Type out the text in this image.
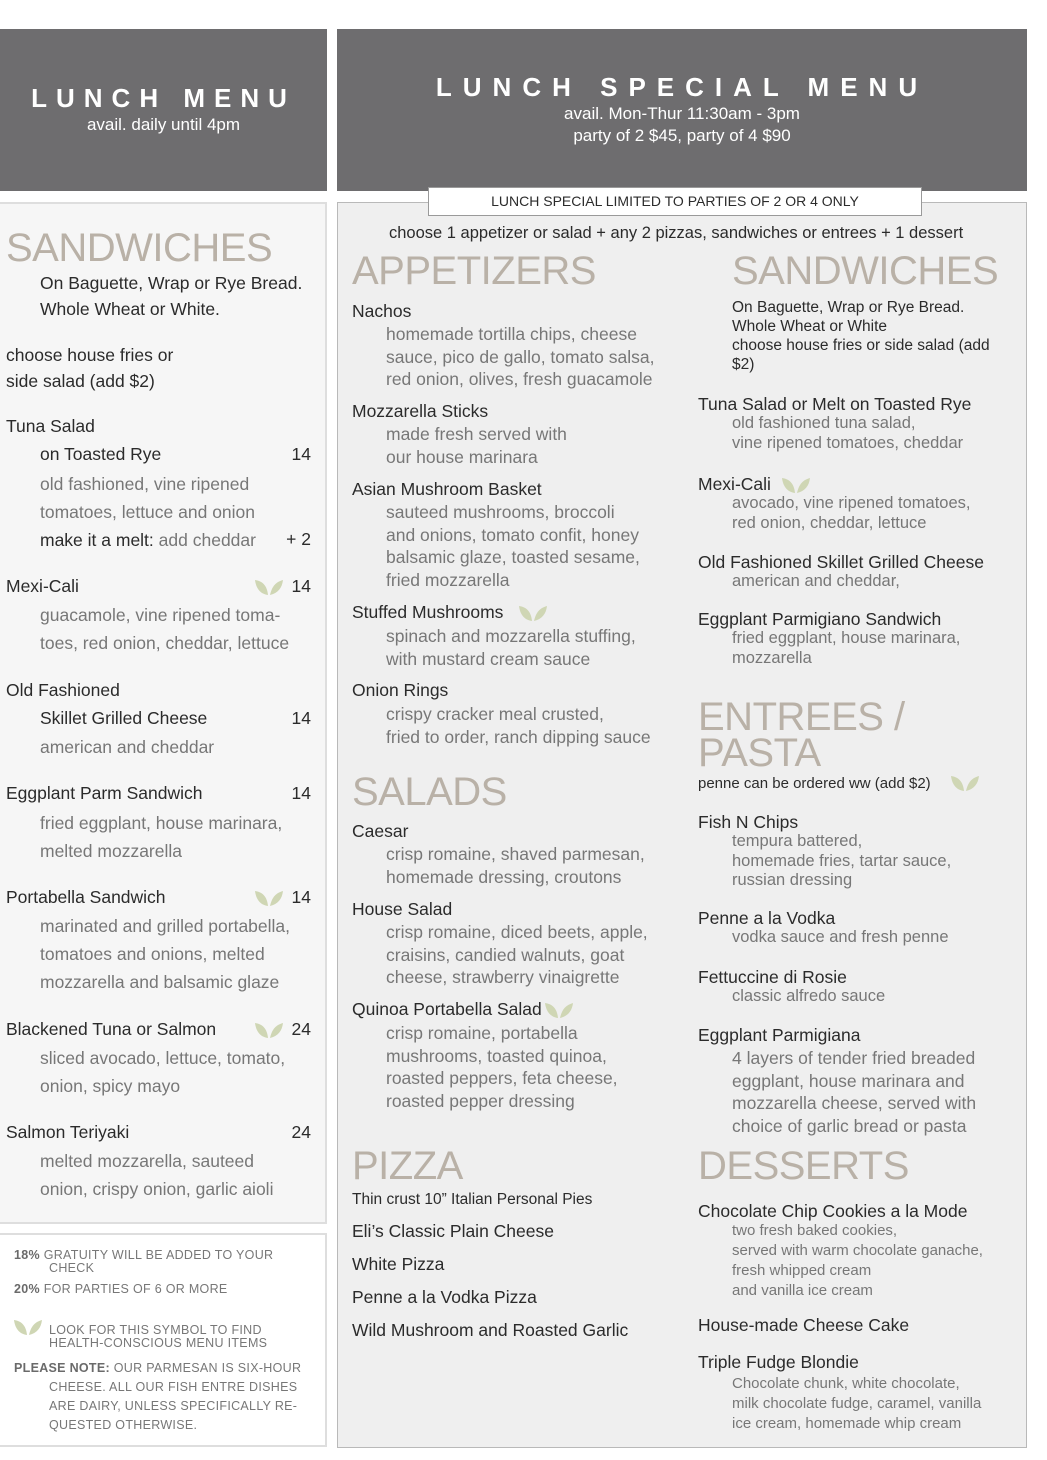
LUNCH MENU
avail. daily until 4pm
LUNCH SPECIAL MENU
avail. Mon-Thur 11:30am - 3pm
party of 2 $45, party of 4 $90
LUNCH SPECIAL LIMITED TO PARTIES OF 2 OR 4 ONLY
SANDWICHES
On Baguette, Wrap or Rye Bread.
Whole Wheat or White.
choose house fries or
side salad (add $2)
Tuna Salad
on Toasted Rye	14
old fashioned, vine ripened
tomatoes, lettuce and onion
make it a melt: add cheddar	+ 2
Mexi-Cali	14
guacamole, vine ripened toma-
toes, red onion, cheddar, lettuce
Old Fashioned
Skillet Grilled Cheese	14
american and cheddar
Eggplant Parm Sandwich	14
fried eggplant, house marinara,
melted mozzarella
Portabella Sandwich	14
marinated and grilled portabella,
tomatoes and onions, melted
mozzarella and balsamic glaze
Blackened Tuna or Salmon	24
sliced avocado, lettuce, tomato,
onion, spicy mayo
Salmon Teriyaki	24
melted mozzarella, sauteed
onion, crispy onion, garlic aioli
18% GRATUITY WILL BE ADDED TO YOUR
CHECK
20% FOR PARTIES OF 6 OR MORE
LOOK FOR THIS SYMBOL TO FIND
HEALTH-CONSCIOUS MENU ITEMS
PLEASE NOTE: OUR PARMESAN IS SIX-HOUR
CHEESE. ALL OUR FISH ENTRE DISHES
ARE DAIRY, UNLESS SPECIFICALLY RE-
QUESTED OTHERWISE.
choose 1 appetizer or salad + any 2 pizzas, sandwiches or entrees + 1 dessert
APPETIZERS
Nachos
homemade tortilla chips, cheese
sauce, pico de gallo, tomato salsa,
red onion, olives, fresh guacamole
Mozzarella Sticks
made fresh served with
our house marinara
Asian Mushroom Basket
sauteed mushrooms, broccoli
and onions, tomato confit, honey
balsamic glaze, toasted sesame,
fried mozzarella
Stuffed Mushrooms
spinach and mozzarella stuffing,
with mustard cream sauce
Onion Rings
crispy cracker meal crusted,
fried to order, ranch dipping sauce
SALADS
Caesar
crisp romaine, shaved parmesan,
homemade dressing, croutons
House Salad
crisp romaine, diced beets, apple,
craisins, candied walnuts, goat
cheese, strawberry vinaigrette
Quinoa Portabella Salad
crisp romaine, portabella
mushrooms, toasted quinoa,
roasted peppers, feta cheese,
roasted pepper dressing
PIZZA
Thin crust 10” Italian Personal Pies
Eli’s Classic Plain Cheese
White Pizza
Penne a la Vodka Pizza
Wild Mushroom and Roasted Garlic
SANDWICHES
On Baguette, Wrap or Rye Bread.
Whole Wheat or White
choose house fries or side salad (add
$2)
Tuna Salad or Melt on Toasted Rye
old fashioned tuna salad,
vine ripened tomatoes, cheddar
Mexi-Cali
avocado, vine ripened tomatoes,
red onion, cheddar, lettuce
Old Fashioned Skillet Grilled Cheese
american and cheddar,
Eggplant Parmigiano Sandwich
fried eggplant, house marinara,
mozzarella
ENTREES /
PASTA
penne can be ordered ww (add $2)
Fish N Chips
tempura battered,
homemade fries, tartar sauce,
russian dressing
Penne a la Vodka
vodka sauce and fresh penne
Fettuccine di Rosie
classic alfredo sauce
Eggplant Parmigiana
4 layers of tender fried breaded
eggplant, house marinara and
mozzarella cheese, served with
choice of garlic bread or pasta
DESSERTS
Chocolate Chip Cookies a la Mode
two fresh baked cookies,
served with warm chocolate ganache,
fresh whipped cream
and vanilla ice cream
House-made Cheese Cake
Triple Fudge Blondie
Chocolate chunk, white chocolate,
milk chocolate fudge, caramel, vanilla
ice cream, homemade whip cream
